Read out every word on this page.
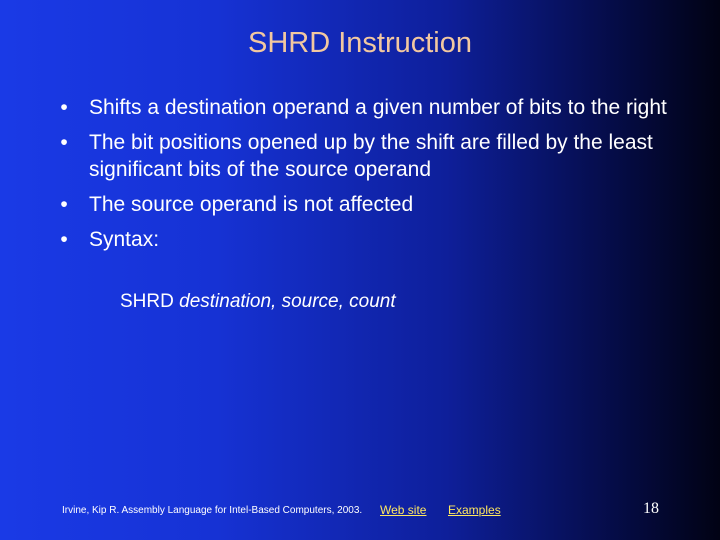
SHRD Instruction
• Shifts a destination operand a given number of bits to the right
• The bit positions opened up by the shift are filled by the least significant bits of the source operand
• The source operand is not affected
• Syntax:
SHRD destination, source, count
Irvine, Kip R. Assembly Language for Intel-Based Computers, 2003. Web site Examples	18
